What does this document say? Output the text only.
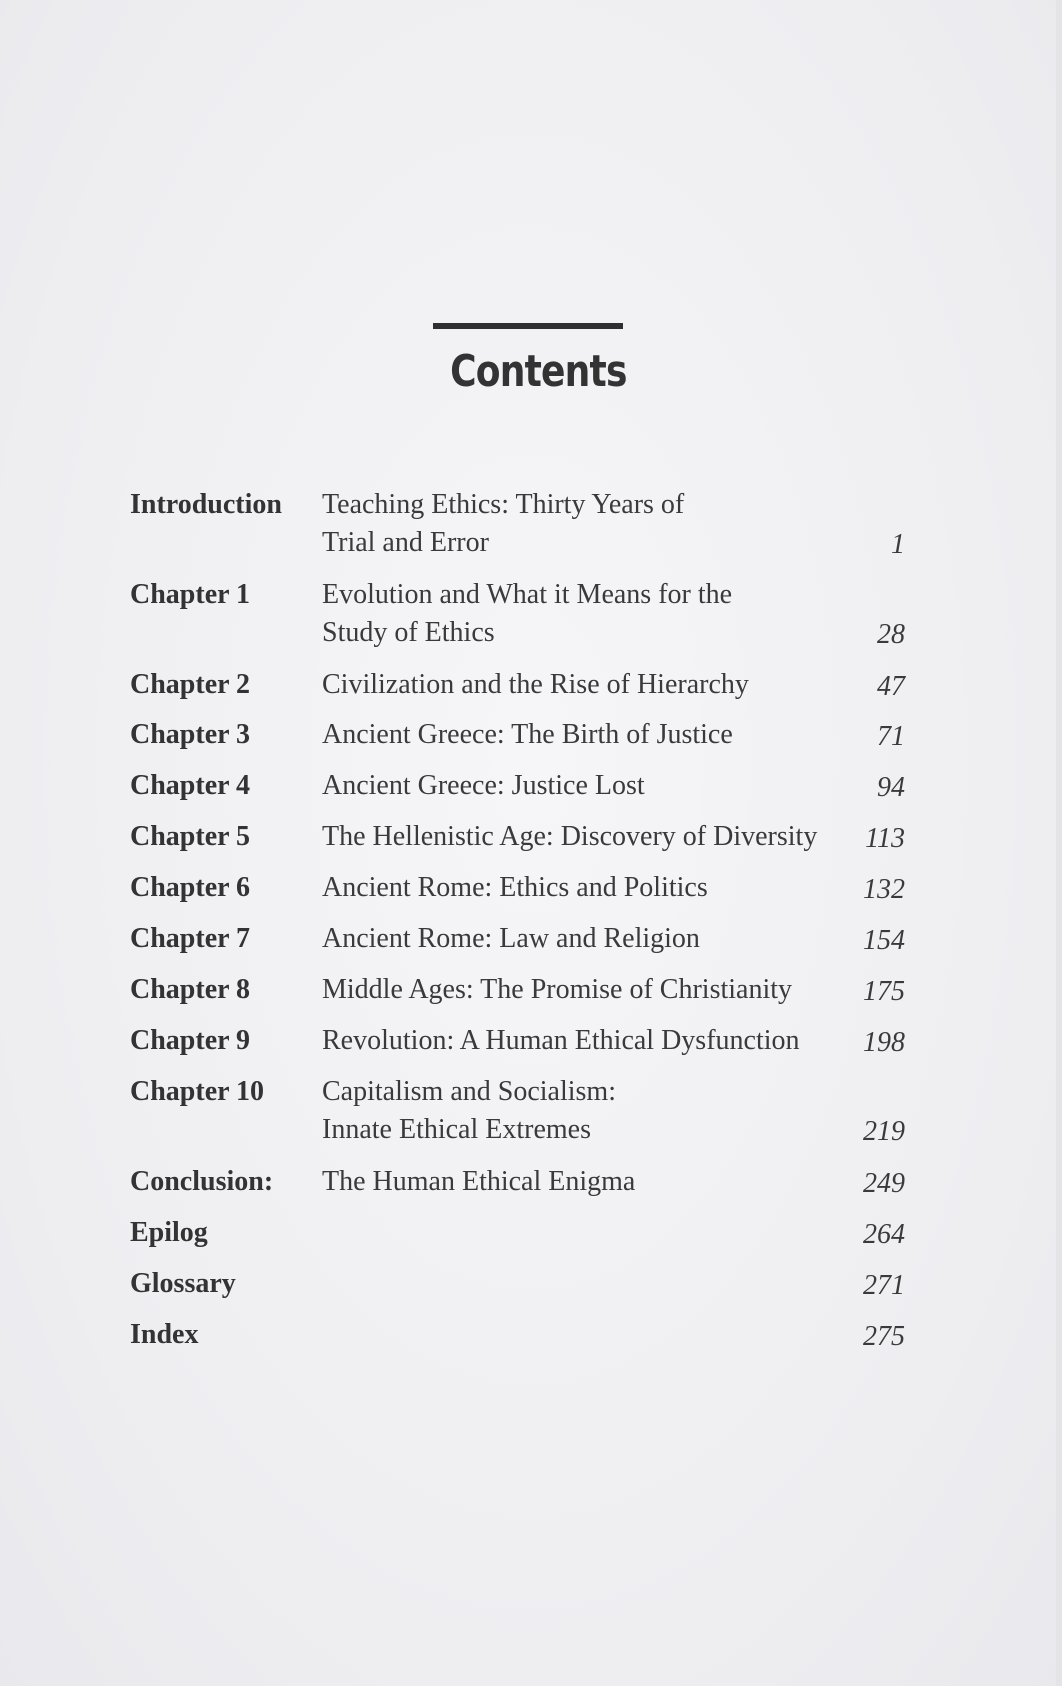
Contents
Introduction Teaching Ethics: Thirty Years of
Trial and Error	1
Chapter 1	Evolution and What it Means for the
Study of Ethics	28
Chapter 2	Civilization and the Rise of Hierarchy	47
Chapter 3	Ancient Greece: The Birth of Justice	71
Chapter 4	Ancient Greece: Justice Lost	94
Chapter 5	The Hellenistic Age: Discovery of Diversity	113
Chapter 6	Ancient Rome: Ethics and Politics	132
Chapter 7	Ancient Rome: Law and Religion	154
Chapter 8	Middle Ages: The Promise of Christianity	175
Chapter 9	Revolution: A Human Ethical Dysfunction	198
Chapter 10 Capitalism and Socialism:
Innate Ethical Extremes	219
Conclusion: The Human Ethical Enigma	249
Epilog	264
Glossary	271
Index	275
